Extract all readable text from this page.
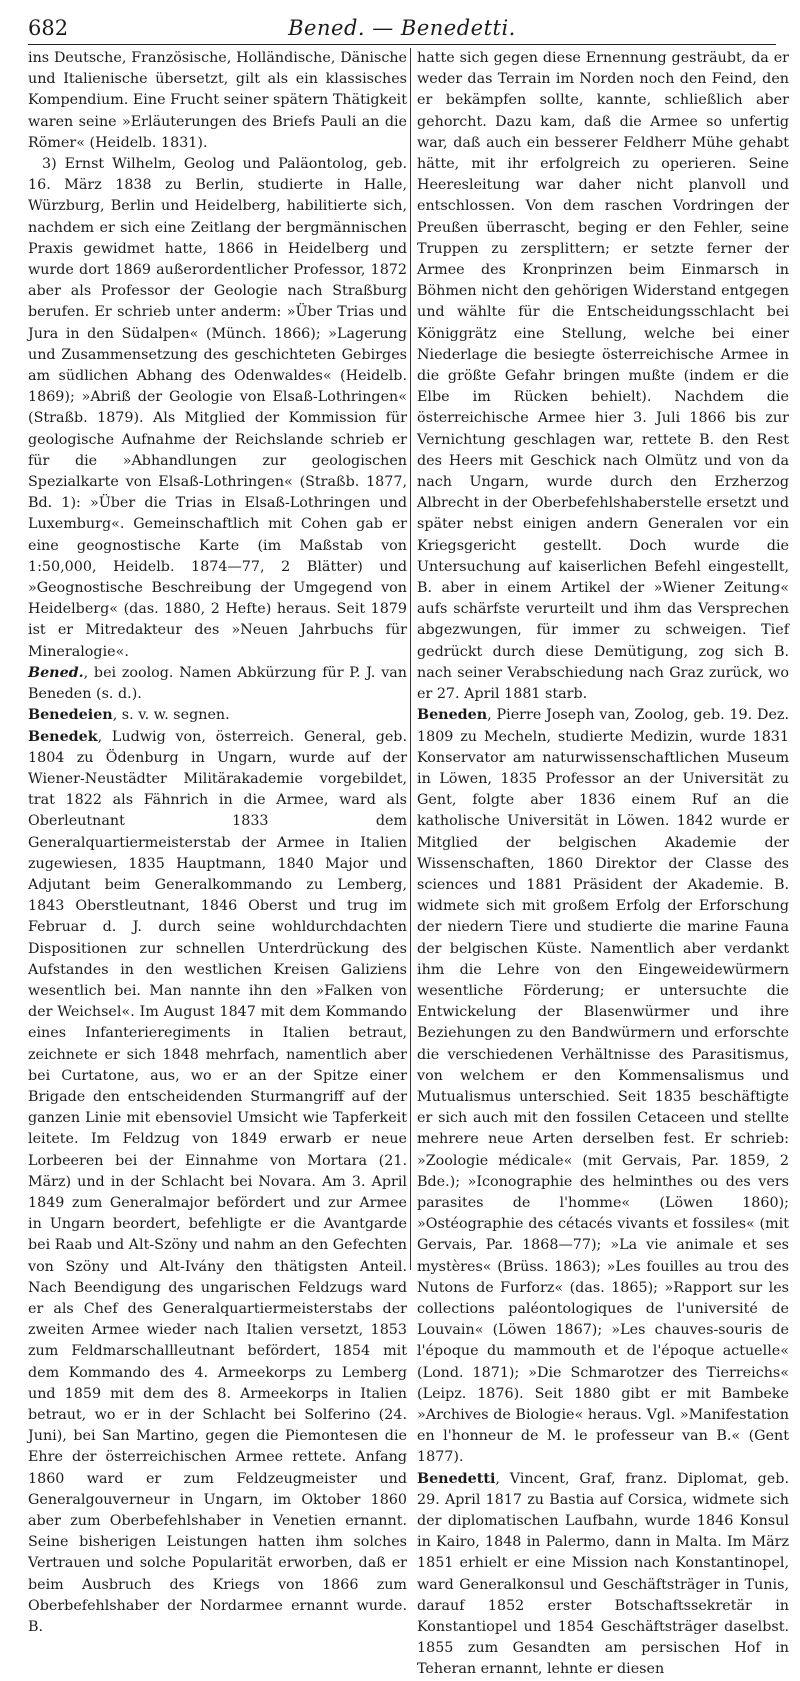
682	Bened. — Benedetti.

ins Deutsche, Französische, Holländische, Dänische und Italienische übersetzt, gilt als ein klassisches Kompendium. Eine Frucht seiner spätern Thätigkeit waren seine »Erläuterungen des Briefs Pauli an die Römer« (Heidelb. 1831).

3) Ernst Wilhelm, Geolog und Paläontolog, geb. 16. März 1838 zu Berlin, studierte in Halle, Würzburg, Berlin und Heidelberg, habilitierte sich, nachdem er sich eine Zeitlang der bergmännischen Praxis gewidmet hatte, 1866 in Heidelberg und wurde dort 1869 außerordentlicher Professor, 1872 aber als Professor der Geologie nach Straßburg berufen. Er schrieb unter anderm: »Über Trias und Jura in den Südalpen« (Münch. 1866); »Lagerung und Zusammensetzung des geschichteten Gebirges am südlichen Abhang des Odenwaldes« (Heidelb. 1869); »Abriß der Geologie von Elsaß-Lothringen« (Straßb. 1879). Als Mitglied der Kommission für geologische Aufnahme der Reichslande schrieb er für die »Abhandlungen zur geologischen Spezialkarte von Elsaß-Lothringen« (Straßb. 1877, Bd. 1): »Über die Trias in Elsaß-Lothringen und Luxemburg«. Gemeinschaftlich mit Cohen gab er eine geognostische Karte (im Maßstab von 1:50,000, Heidelb. 1874—77, 2 Blätter) und »Geognostische Beschreibung der Umgegend von Heidelberg« (das. 1880, 2 Hefte) heraus. Seit 1879 ist er Mitredakteur des »Neuen Jahrbuchs für Mineralogie«.

Bened., bei zoolog. Namen Abkürzung für P. J. van Beneden (s. d.).

Benedeien, s. v. w. segnen.

Benedek, Ludwig von, österreich. General, geb. 1804 zu Ödenburg in Ungarn, wurde auf der Wiener-Neustädter Militärakademie vorgebildet, trat 1822 als Fähnrich in die Armee, ward als Oberleutnant 1833 dem Generalquartiermeisterstab der Armee in Italien zugewiesen, 1835 Hauptmann, 1840 Major und Adjutant beim Generalkommando zu Lemberg, 1843 Oberstleutnant, 1846 Oberst und trug im Februar d. J. durch seine wohldurchdachten Dispositionen zur schnellen Unterdrückung des Aufstandes in den westlichen Kreisen Galiziens wesentlich bei. Man nannte ihn den »Falken von der Weichsel«. Im August 1847 mit dem Kommando eines Infanterieregiments in Italien betraut, zeichnete er sich 1848 mehrfach, namentlich aber bei Curtatone, aus, wo er an der Spitze einer Brigade den entscheidenden Sturmangriff auf der ganzen Linie mit ebensoviel Umsicht wie Tapferkeit leitete. Im Feldzug von 1849 erwarb er neue Lorbeeren bei der Einnahme von Mortara (21. März) und in der Schlacht bei Novara. Am 3. April 1849 zum Generalmajor befördert und zur Armee in Ungarn beordert, befehligte er die Avantgarde bei Raab und Alt-Szöny und nahm an den Gefechten von Szöny und Alt-Ivány den thätigsten Anteil. Nach Beendigung des ungarischen Feldzugs ward er als Chef des Generalquartiermeisterstabs der zweiten Armee wieder nach Italien versetzt, 1853 zum Feldmarschallleutnant befördert, 1854 mit dem Kommando des 4. Armeekorps zu Lemberg und 1859 mit dem des 8. Armeekorps in Italien betraut, wo er in der Schlacht bei Solferino (24. Juni), bei San Martino, gegen die Piemontesen die Ehre der österreichischen Armee rettete. Anfang 1860 ward er zum Feldzeugmeister und Generalgouverneur in Ungarn, im Oktober 1860 aber zum Oberbefehlshaber in Venetien ernannt. Seine bisherigen Leistungen hatten ihm solches Vertrauen und solche Popularität erworben, daß er beim Ausbruch des Kriegs von 1866 zum Oberbefehlshaber der Nordarmee ernannt wurde. B.

hatte sich gegen diese Ernennung gesträubt, da er weder das Terrain im Norden noch den Feind, den er bekämpfen sollte, kannte, schließlich aber gehorcht. Dazu kam, daß die Armee so unfertig war, daß auch ein besserer Feldherr Mühe gehabt hätte, mit ihr erfolgreich zu operieren. Seine Heeresleitung war daher nicht planvoll und entschlossen. Von dem raschen Vordringen der Preußen überrascht, beging er den Fehler, seine Truppen zu zersplittern; er setzte ferner der Armee des Kronprinzen beim Einmarsch in Böhmen nicht den gehörigen Widerstand entgegen und wählte für die Entscheidungsschlacht bei Königgrätz eine Stellung, welche bei einer Niederlage die besiegte österreichische Armee in die größte Gefahr bringen mußte (indem er die Elbe im Rücken behielt). Nachdem die österreichische Armee hier 3. Juli 1866 bis zur Vernichtung geschlagen war, rettete B. den Rest des Heers mit Geschick nach Olmütz und von da nach Ungarn, wurde durch den Erzherzog Albrecht in der Oberbefehlshaberstelle ersetzt und später nebst einigen andern Generalen vor ein Kriegsgericht gestellt. Doch wurde die Untersuchung auf kaiserlichen Befehl eingestellt, B. aber in einem Artikel der »Wiener Zeitung« aufs schärfste verurteilt und ihm das Versprechen abgezwungen, für immer zu schweigen. Tief gedrückt durch diese Demütigung, zog sich B. nach seiner Verabschiedung nach Graz zurück, wo er 27. April 1881 starb.

Beneden, Pierre Joseph van, Zoolog, geb. 19. Dez. 1809 zu Mecheln, studierte Medizin, wurde 1831 Konservator am naturwissenschaftlichen Museum in Löwen, 1835 Professor an der Universität zu Gent, folgte aber 1836 einem Ruf an die katholische Universität in Löwen. 1842 wurde er Mitglied der belgischen Akademie der Wissenschaften, 1860 Direktor der Classe des sciences und 1881 Präsident der Akademie. B. widmete sich mit großem Erfolg der Erforschung der niedern Tiere und studierte die marine Fauna der belgischen Küste. Namentlich aber verdankt ihm die Lehre von den Eingeweidewürmern wesentliche Förderung; er untersuchte die Entwickelung der Blasenwürmer und ihre Beziehungen zu den Bandwürmern und erforschte die verschiedenen Verhältnisse des Parasitismus, von welchem er den Kommensalismus und Mutualismus unterschied. Seit 1835 beschäftigte er sich auch mit den fossilen Cetaceen und stellte mehrere neue Arten derselben fest. Er schrieb: »Zoologie médicale« (mit Gervais, Par. 1859, 2 Bde.); »Iconographie des helminthes ou des vers parasites de l'homme« (Löwen 1860); »Ostéographie des cétacés vivants et fossiles« (mit Gervais, Par. 1868—77); »La vie animale et ses mystères« (Brüss. 1863); »Les fouilles au trou des Nutons de Furforz« (das. 1865); »Rapport sur les collections paléontologiques de l'université de Louvain« (Löwen 1867); »Les chauves-souris de l'époque du mammouth et de l'époque actuelle« (Lond. 1871); »Die Schmarotzer des Tierreichs« (Leipz. 1876). Seit 1880 gibt er mit Bambeke »Archives de Biologie« heraus. Vgl. »Manifestation en l'honneur de M. le professeur van B.« (Gent 1877).

Benedetti, Vincent, Graf, franz. Diplomat, geb. 29. April 1817 zu Bastia auf Corsica, widmete sich der diplomatischen Laufbahn, wurde 1846 Konsul in Kairo, 1848 in Palermo, dann in Malta. Im März 1851 erhielt er eine Mission nach Konstantinopel, ward Generalkonsul und Geschäftsträger in Tunis, darauf 1852 erster Botschaftssekretär in Konstantiopel und 1854 Geschäftsträger daselbst. 1855 zum Gesandten am persischen Hof in Teheran ernannt, lehnte er diesen
